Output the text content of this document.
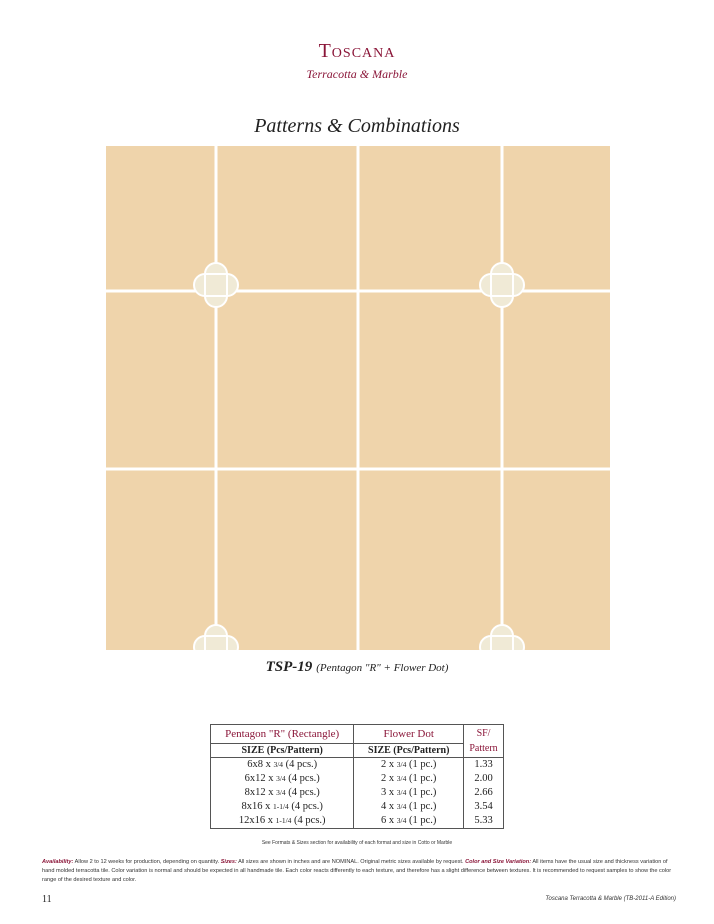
Toscana
Terracotta & Marble
Patterns & Combinations
TSP-19 (Pentagon "R" + Flower Dot)
Pentagon "R" (Rectangle)	Flower Dot	SF/
Pattern
SIZE (Pcs/Pattern)	SIZE (Pcs/Pattern)	
6x8 x 3/4 (4 pcs.)	2 x 3/4 (1 pc.)	1.33
6x12 x 3/4 (4 pcs.)	2 x 3/4 (1 pc.)	2.00
8x12 x 3/4 (4 pcs.)	3 x 3/4 (1 pc.)	2.66
8x16 x 1-1/4 (4 pcs.)	4 x 3/4 (1 pc.)	3.54
12x16 x 1-1/4 (4 pcs.)	6 x 3/4 (1 pc.)	5.33
See Formats & Sizes section for availability of each format and size in Cotto or Marble
Availability: Allow 2 to 12 weeks for production, depending on quantity. Sizes: All sizes are shown in inches and are NOMINAL. Original metric sizes available by request. Color and Size Variation: All items have the usual size and thickness variation of hand molded terracotta tile. Color variation is normal and should be expected in all handmade tile. Each color reacts differently to each texture, and therefore has a slight difference between textures. It is recommended to request samples to show the color range of the desired texture and color.
11	Toscana Terracotta & Marble (TB-2011-A Edition)
